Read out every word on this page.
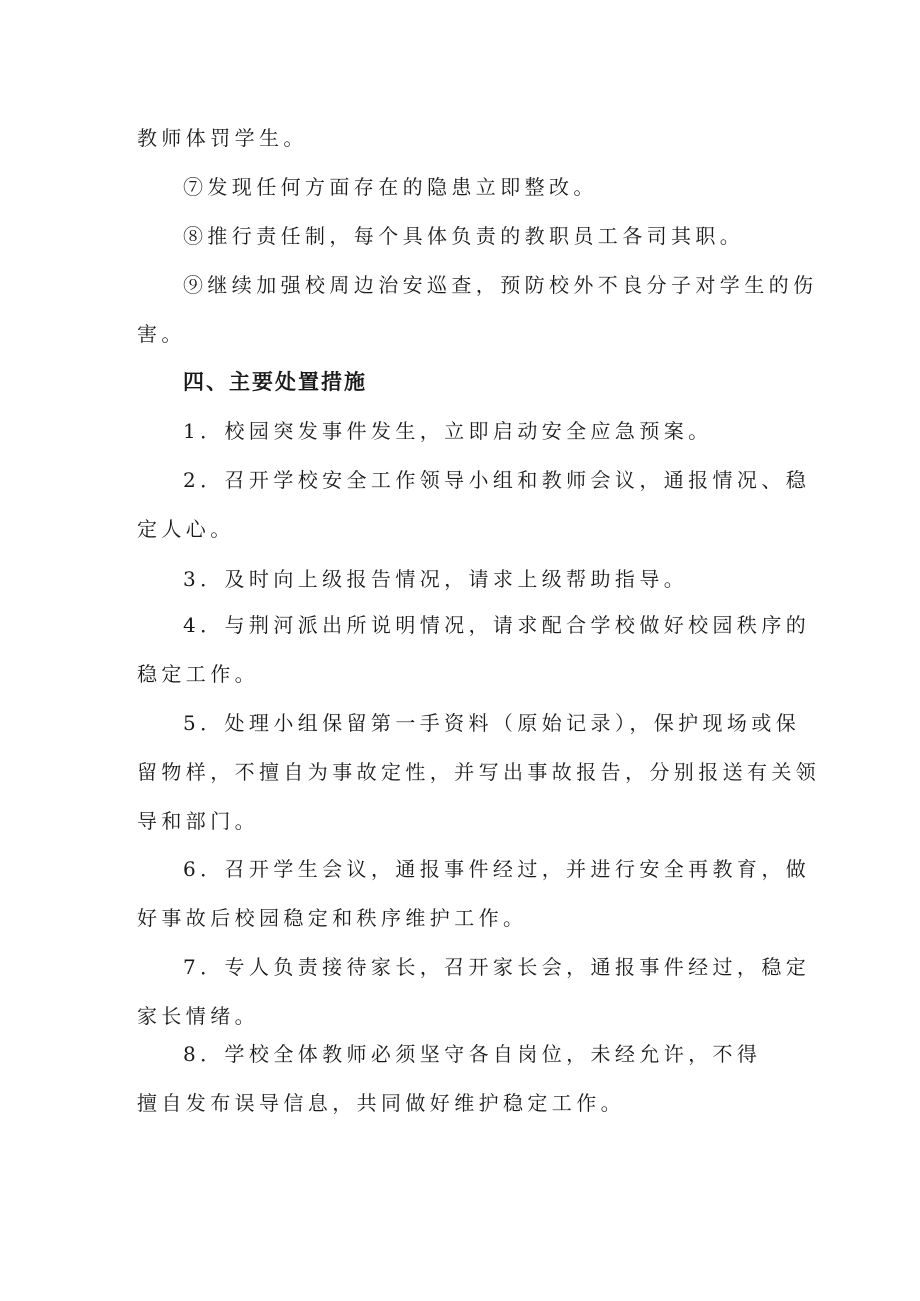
教师体罚学生。
⑦发现任何方面存在的隐患立即整改。
⑧推行责任制，每个具体负责的教职员工各司其职。
⑨继续加强校周边治安巡查，预防校外不良分子对学生的伤
害。
四、主要处置措施
1．校园突发事件发生，立即启动安全应急预案。
2．召开学校安全工作领导小组和教师会议，通报情况、稳
定人心。
3．及时向上级报告情况，请求上级帮助指导。
4．与荆河派出所说明情况，请求配合学校做好校园秩序的
稳定工作。
5．处理小组保留第一手资料（原始记录），保护现场或保
留物样，不擅自为事故定性，并写出事故报告，分别报送有关领
导和部门。
6．召开学生会议，通报事件经过，并进行安全再教育，做
好事故后校园稳定和秩序维护工作。
7．专人负责接待家长，召开家长会，通报事件经过，稳定
家长情绪。
8．学校全体教师必须坚守各自岗位，未经允许，不得
擅自发布误导信息，共同做好维护稳定工作。
